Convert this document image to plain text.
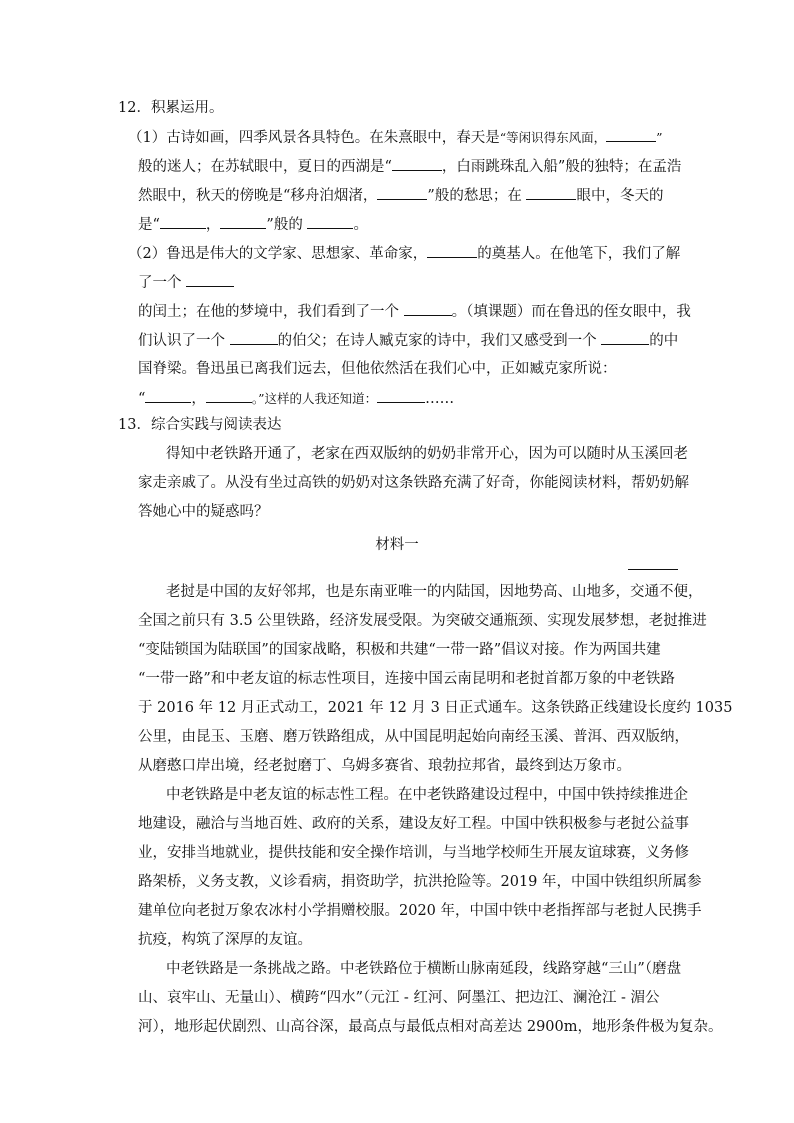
12．积累运用。
（1）古诗如画，四季风景各具特色。在朱熹眼中，春天是“等闲识得东风面，	”
般的迷人；在苏轼眼中，夏日的西湖是“	，白雨跳珠乱入船”般的独特；在孟浩
然眼中，秋天的傍晚是“移舟泊烟渚，	”般的愁思；在	眼中，冬天的
是“	，	”般的	。
（2）鲁迅是伟大的文学家、思想家、革命家，	的奠基人。在他笔下，我们了解
了一个
的闰土；在他的梦境中，我们看到了一个	。（填课题）而在鲁迅的侄女眼中，我
们认识了一个	的伯父；在诗人臧克家的诗中，我们又感受到一个	的中
国脊梁。鲁迅虽已离我们远去，但他依然活在我们心中，正如臧克家所说：
“	，	。”这样的人我还知道：	……
13．综合实践与阅读表达
得知中老铁路开通了，老家在西双版纳的奶奶非常开心，因为可以随时从玉溪回老
家走亲戚了。从没有坐过高铁的奶奶对这条铁路充满了好奇，你能阅读材料，帮奶奶解
答她心中的疑惑吗？
材料一
老挝是中国的友好邻邦，也是东南亚唯一的内陆国，因地势高、山地多，交通不便，
全国之前只有 3.5 公里铁路，经济发展受限。为突破交通瓶颈、实现发展梦想，老挝推进
“变陆锁国为陆联国”的国家战略，积极和共建“一带一路”倡议对接。作为两国共建
“一带一路”和中老友谊的标志性项目，连接中国云南昆明和老挝首都万象的中老铁路
于 2016 年 12 月正式动工，2021 年 12 月 3 日正式通车。这条铁路正线建设长度约 1035
公里，由昆玉、玉磨、磨万铁路组成，从中国昆明起始向南经玉溪、普洱、西双版纳，
从磨憨口岸出境，经老挝磨丁、乌姆多赛省、琅勃拉邦省，最终到达万象市。
中老铁路是中老友谊的标志性工程。在中老铁路建设过程中，中国中铁持续推进企
地建设，融洽与当地百姓、政府的关系，建设友好工程。中国中铁积极参与老挝公益事
业，安排当地就业，提供技能和安全操作培训，与当地学校师生开展友谊球赛，义务修
路架桥，义务支教，义诊看病，捐资助学，抗洪抢险等。2019 年，中国中铁组织所属参
建单位向老挝万象农冰村小学捐赠校服。2020 年，中国中铁中老指挥部与老挝人民携手
抗疫，构筑了深厚的友谊。
中老铁路是一条挑战之路。中老铁路位于横断山脉南延段，线路穿越“三山”（磨盘
山、哀牢山、无量山）、横跨“四水”（元江 - 红河、阿墨江、把边江、澜沧江 - 湄公
河），地形起伏剧烈、山高谷深，最高点与最低点相对高差达 2900m，地形条件极为复杂。
